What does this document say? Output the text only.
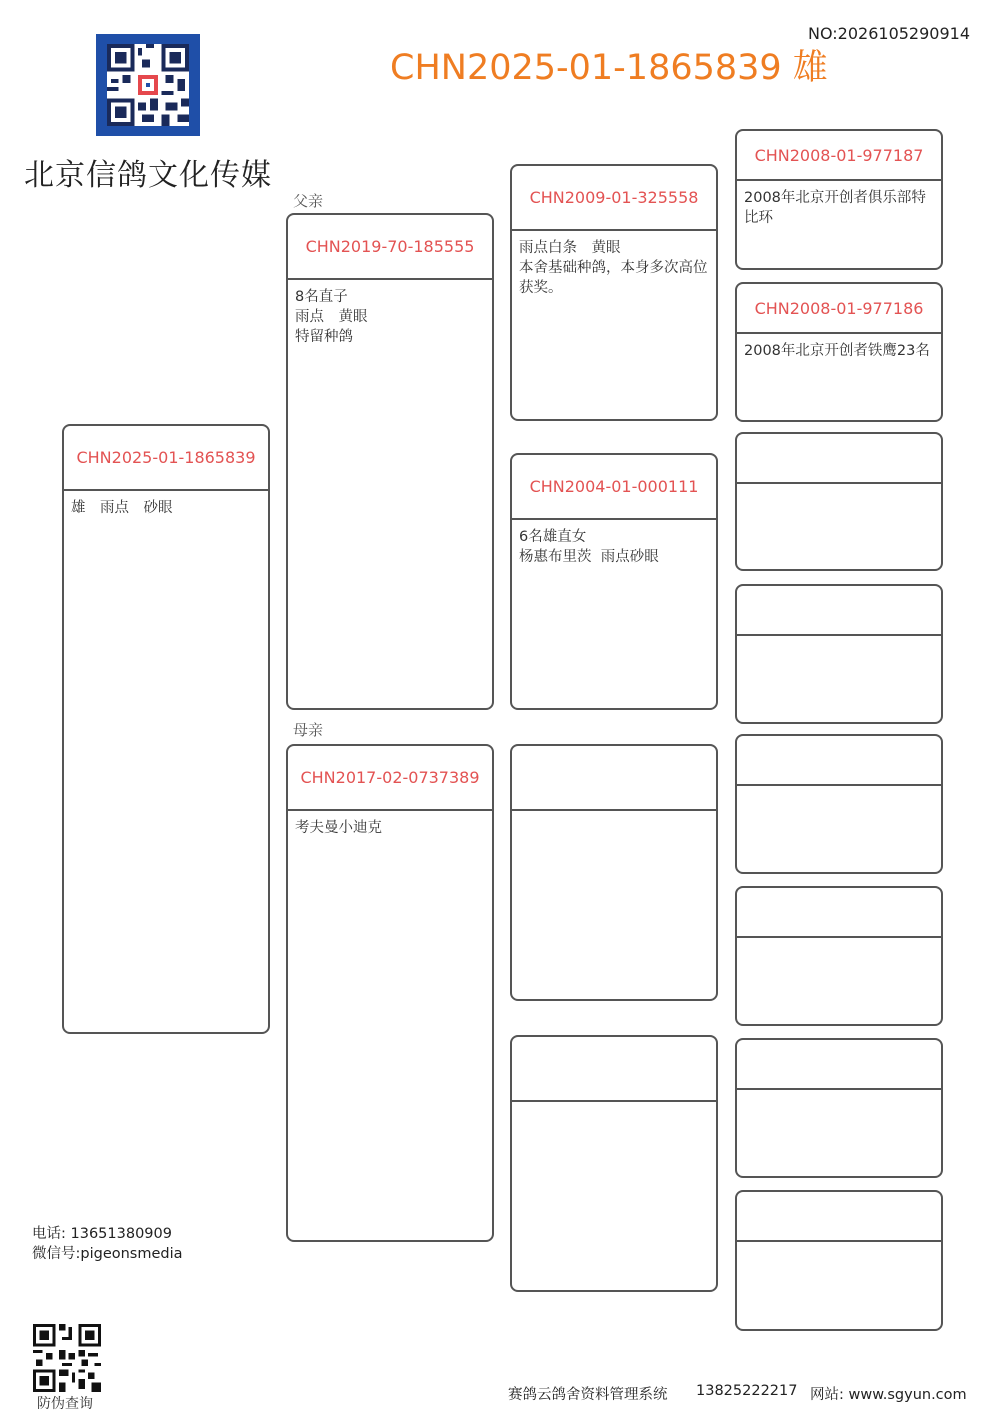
北京信鸽文化传媒
NO:2026105290914
CHN2025-01-1865839 雄
父亲
母亲
CHN2025-01-1865839
雄　雨点　砂眼
CHN2019-70-185555
8名直子
雨点　黄眼
特留种鸽
CHN2017-02-0737389
考夫曼小迪克
CHN2009-01-325558
雨点白条　黄眼
本舍基础种鸽，本身多次高位获奖。
CHN2004-01-000111
6名雄直女
杨惠布里茨  雨点砂眼
CHN2008-01-977187
2008年北京开创者俱乐部特比环
CHN2008-01-977186
2008年北京开创者铁鹰23名
电话: 13651380909
微信号:pigeonsmedia
防伪查询
赛鸽云鸽舍资料管理系统 13825222217 网站: www.sgyun.com
